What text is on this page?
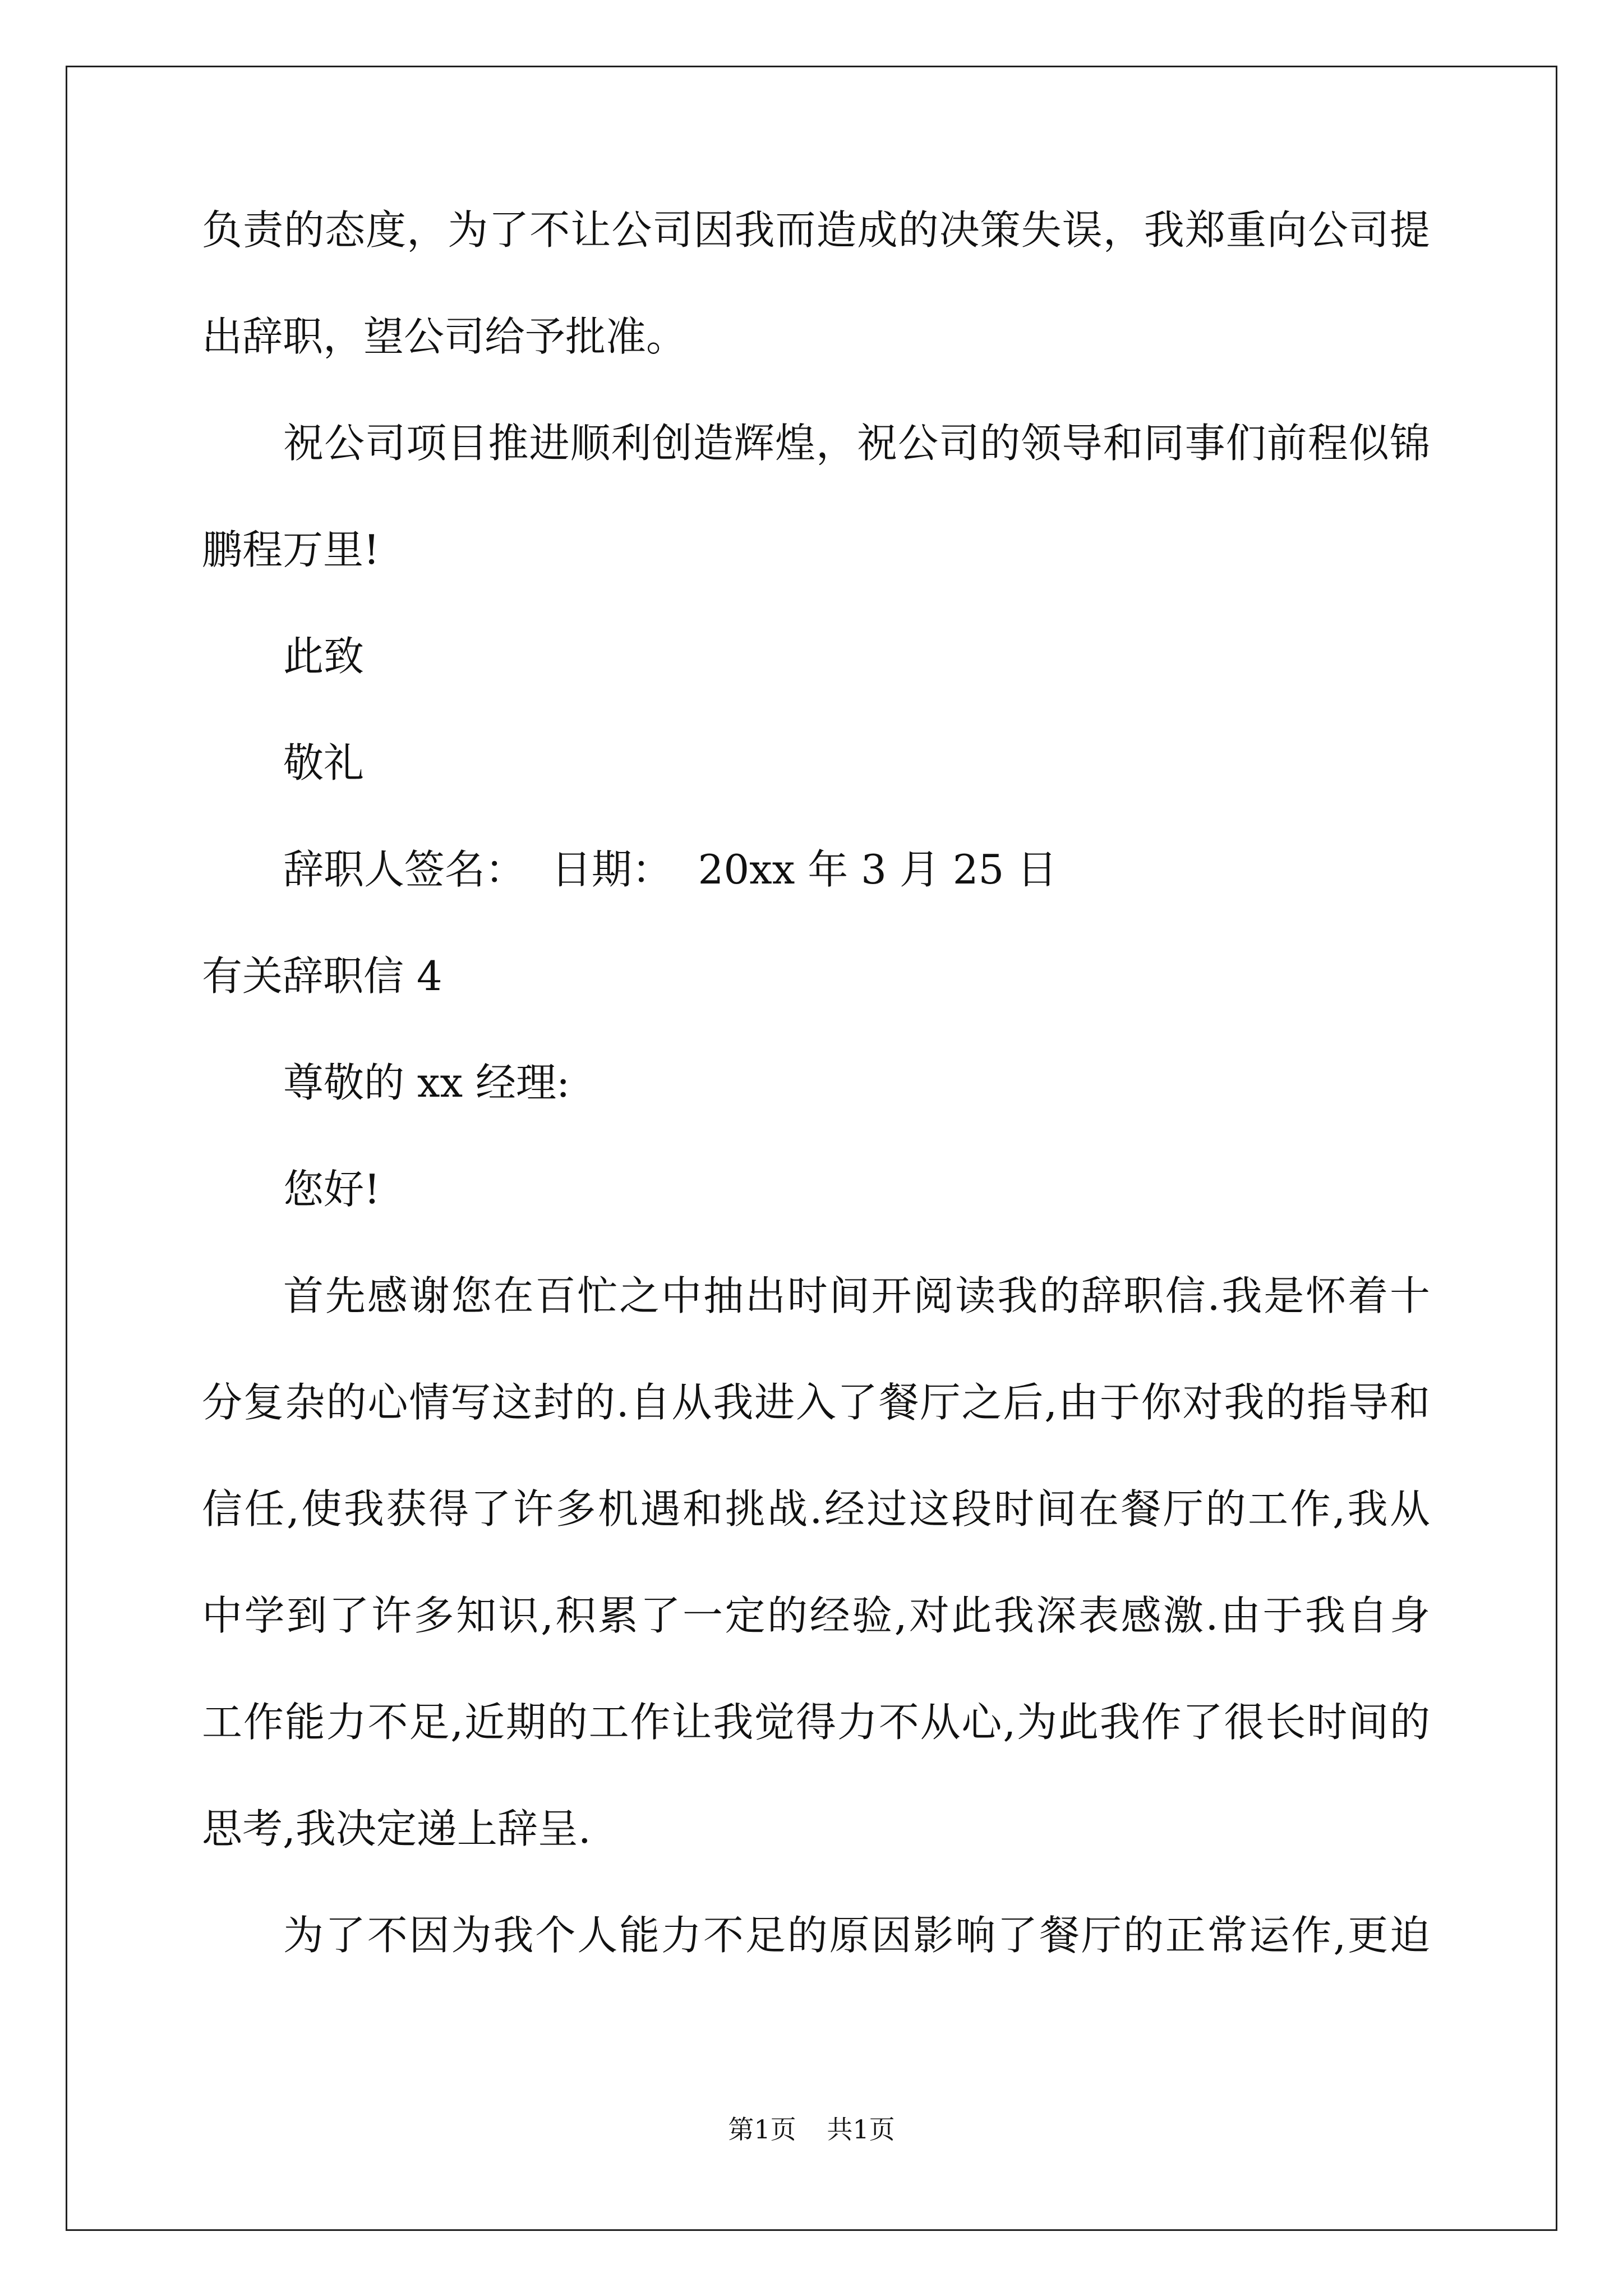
负责的态度，为了不让公司因我而造成的决策失误，我郑重向公司提
出辞职，望公司给予批准。
祝公司项目推进顺利创造辉煌，祝公司的领导和同事们前程似锦
鹏程万里!
此致
敬礼
辞职人签名：  日期：  20xx 年 3 月 25 日
有关辞职信 4
尊敬的 xx 经理:
您好!
首先感谢您在百忙之中抽出时间开阅读我的辞职信.我是怀着十
分复杂的心情写这封的.自从我进入了餐厅之后,由于你对我的指导和
信任,使我获得了许多机遇和挑战.经过这段时间在餐厅的工作,我从
中学到了许多知识,积累了一定的经验,对此我深表感激.由于我自身
工作能力不足,近期的工作让我觉得力不从心,为此我作了很长时间的
思考,我决定递上辞呈.
为了不因为我个人能力不足的原因影响了餐厅的正常运作,更迫
第1页 共1页
